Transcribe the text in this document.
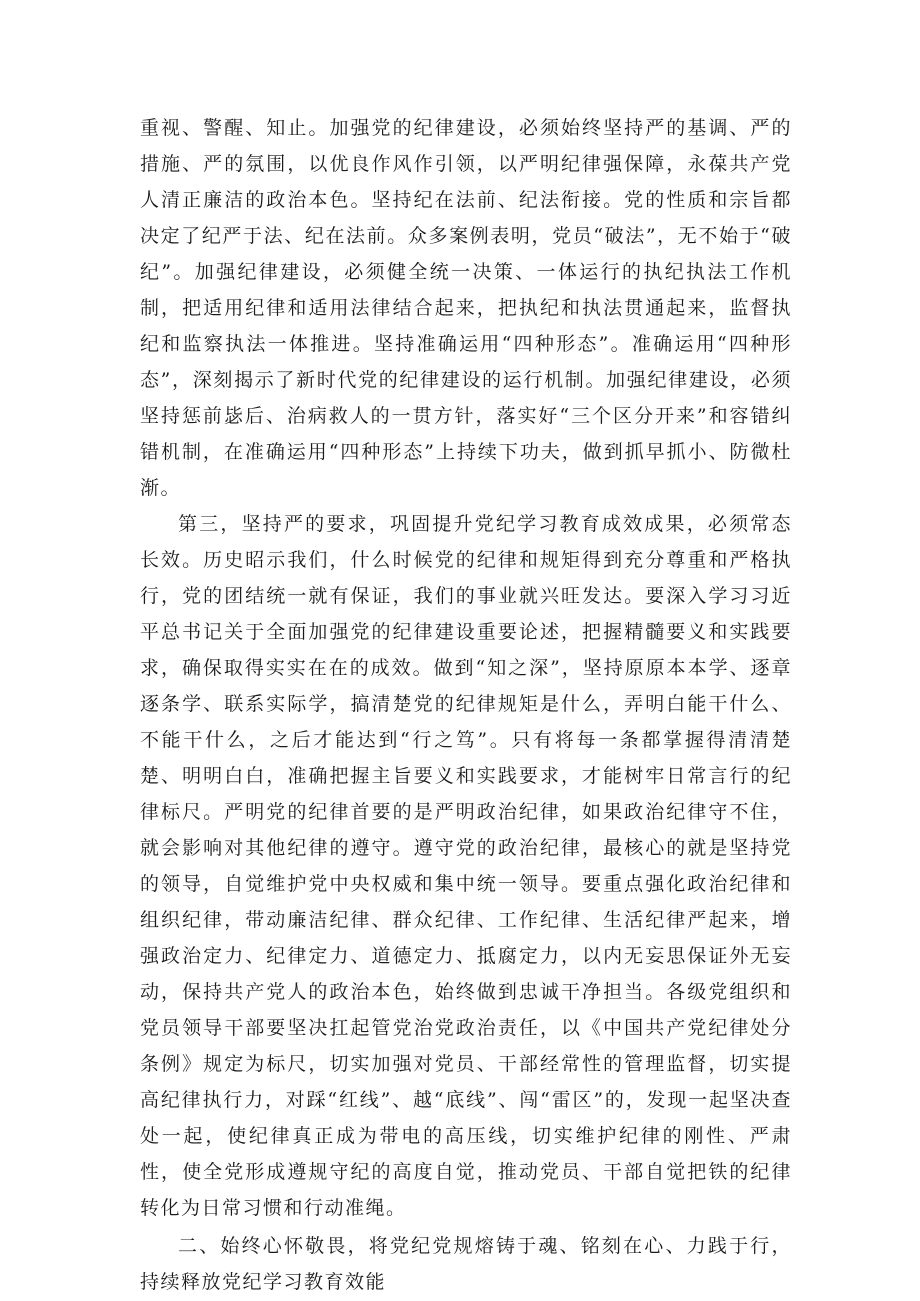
重视、警醒、知止。加强党的纪律建设，必须始终坚持严的基调、严的措施、严的氛围，以优良作风作引领，以严明纪律强保障，永葆共产党人清正廉洁的政治本色。坚持纪在法前、纪法衔接。党的性质和宗旨都决定了纪严于法、纪在法前。众多案例表明，党员“破法”，无不始于“破纪”。加强纪律建设，必须健全统一决策、一体运行的执纪执法工作机制，把适用纪律和适用法律结合起来，把执纪和执法贯通起来，监督执纪和监察执法一体推进。坚持准确运用“四种形态”。准确运用“四种形态”，深刻揭示了新时代党的纪律建设的运行机制。加强纪律建设，必须坚持惩前毖后、治病救人的一贯方针，落实好“三个区分开来”和容错纠错机制，在准确运用“四种形态”上持续下功夫，做到抓早抓小、防微杜渐。

第三，坚持严的要求，巩固提升党纪学习教育成效成果，必须常态长效。历史昭示我们，什么时候党的纪律和规矩得到充分尊重和严格执行，党的团结统一就有保证，我们的事业就兴旺发达。要深入学习习近平总书记关于全面加强党的纪律建设重要论述，把握精髓要义和实践要求，确保取得实实在在的成效。做到“知之深”，坚持原原本本学、逐章逐条学、联系实际学，搞清楚党的纪律规矩是什么，弄明白能干什么、不能干什么，之后才能达到“行之笃”。只有将每一条都掌握得清清楚楚、明明白白，准确把握主旨要义和实践要求，才能树牢日常言行的纪律标尺。严明党的纪律首要的是严明政治纪律，如果政治纪律守不住，就会影响对其他纪律的遵守。遵守党的政治纪律，最核心的就是坚持党的领导，自觉维护党中央权威和集中统一领导。要重点强化政治纪律和组织纪律，带动廉洁纪律、群众纪律、工作纪律、生活纪律严起来，增强政治定力、纪律定力、道德定力、抵腐定力，以内无妄思保证外无妄动，保持共产党人的政治本色，始终做到忠诚干净担当。各级党组织和党员领导干部要坚决扛起管党治党政治责任，以《中国共产党纪律处分条例》规定为标尺，切实加强对党员、干部经常性的管理监督，切实提高纪律执行力，对踩“红线”、越“底线”、闯“雷区”的，发现一起坚决查处一起，使纪律真正成为带电的高压线，切实维护纪律的刚性、严肃性，使全党形成遵规守纪的高度自觉，推动党员、干部自觉把铁的纪律转化为日常习惯和行动准绳。

二、始终心怀敬畏，将党纪党规熔铸于魂、铭刻在心、力践于行，持续释放党纪学习教育效能
